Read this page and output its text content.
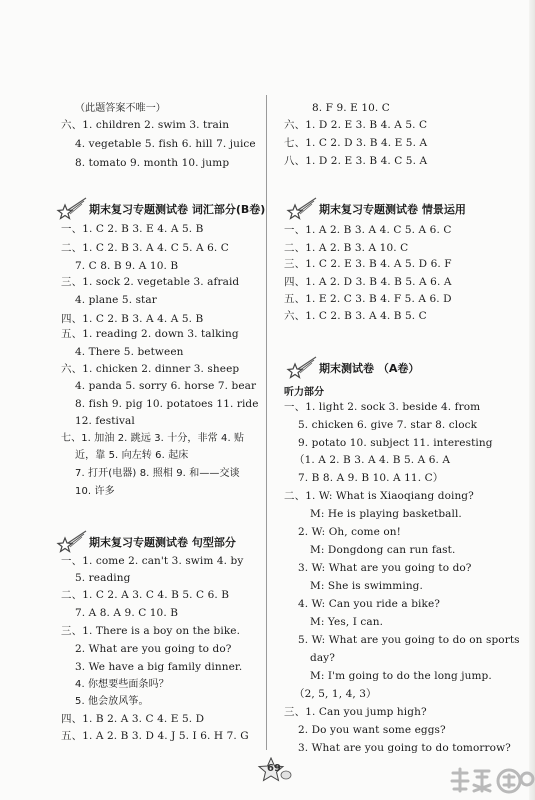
（此题答案不唯一）
六、1. children 2. swim 3. train
4. vegetable 5. fish 6. hill 7. juice
8. tomato 9. month 10. jump
期末复习专题测试卷 词汇部分(B卷)
一、1. C 2. B 3. E 4. A 5. B
二、1. C 2. B 3. A 4. C 5. A 6. C
7. C 8. B 9. A 10. B
三、1. sock 2. vegetable 3. afraid
4. plane 5. star
四、1. C 2. B 3. A 4. A 5. B
五、1. reading 2. down 3. talking
4. There 5. between
六、1. chicken 2. dinner 3. sheep
4. panda 5. sorry 6. horse 7. bear
8. fish 9. pig 10. potatoes 11. ride
12. festival
七、1. 加油 2. 跳远 3. 十分，非常 4. 贴
近，靠 5. 向左转 6. 起床
7. 打开(电器) 8. 照相 9. 和——交谈
10. 许多
期末复习专题测试卷 句型部分
一、1. come 2. can't 3. swim 4. by
5. reading
二、1. C 2. A 3. C 4. B 5. C 6. B
7. A 8. A 9. C 10. B
三、1. There is a boy on the bike.
2. What are you going to do?
3. We have a big family dinner.
4. 你想要些面条吗？
5. 他会放风筝。
四、1. B 2. A 3. C 4. E 5. D
五、1. A 2. B 3. D 4. J 5. I 6. H 7. G
8. F 9. E 10. C
六、1. D 2. E 3. B 4. A 5. C
七、1. C 2. D 3. B 4. E 5. A
八、1. D 2. E 3. B 4. C 5. A
期末复习专题测试卷 情景运用
一、1. A 2. B 3. A 4. C 5. A 6. C
二、1. A 2. B 3. A 10. C
三、1. C 2. E 3. B 4. A 5. D 6. F
四、1. A 2. D 3. B 4. B 5. A 6. A
五、1. E 2. C 3. B 4. F 5. A 6. D
六、1. C 2. B 3. A 4. B 5. C
期末测试卷 （A卷）
听力部分
一、1. light 2. sock 3. beside 4. from
5. chicken 6. give 7. star 8. clock
9. potato 10. subject 11. interesting
（1. A 2. B 3. A 4. B 5. A 6. A
7. B 8. A 9. B 10. A 11. C）
二、1. W: What is Xiaoqiang doing?
M: He is playing basketball.
2. W: Oh, come on!
M: Dongdong can run fast.
3. W: What are you going to do?
M: She is swimming.
4. W: Can you ride a bike?
M: Yes, I can.
5. W: What are you going to do on sports
day?
M: I'm going to do the long jump.
（2, 5, 1, 4, 3）
三、1. Can you jump high?
2. Do you want some eggs?
3. What are you going to do tomorrow?
69
